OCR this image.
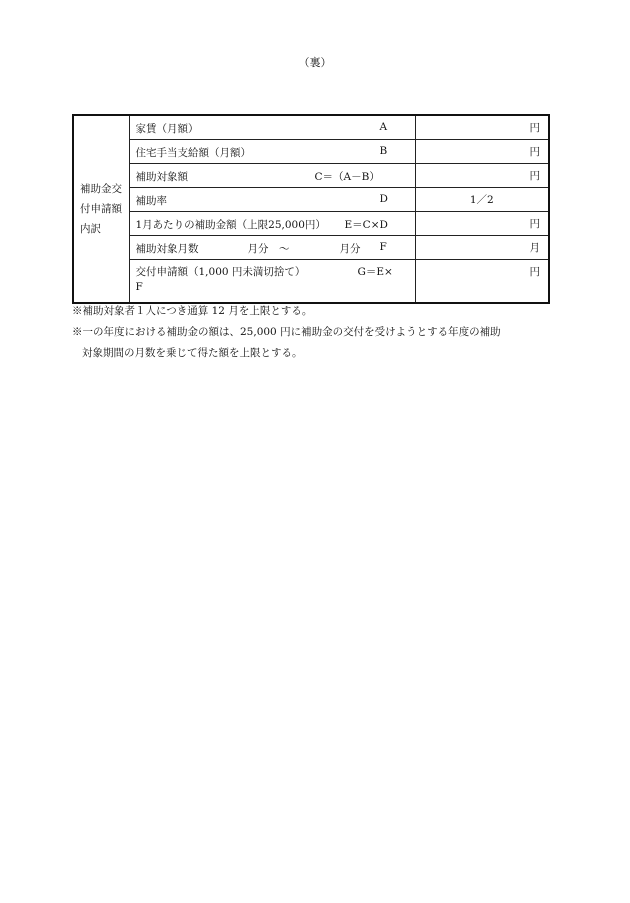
（裏）
補助金交付申請額内訳	家賃（月額） A	円

	住宅手当支給額（月額） B	円

	補助対象額 C＝（A－B）	円

	補助率 D	1／2

	1月あたりの補助金額（上限25,000円） E＝C×D	円

	補助対象月数 月分　～ 月分 F	月

	交付申請額（1,000 円未満切捨て） G＝E×
F	円

※補助対象者１人につき通算 12 月を上限とする。

※一の年度における補助金の額は、25,000 円に補助金の交付を受けようとする年度の補助

対象期間の月数を乗じて得た額を上限とする。
